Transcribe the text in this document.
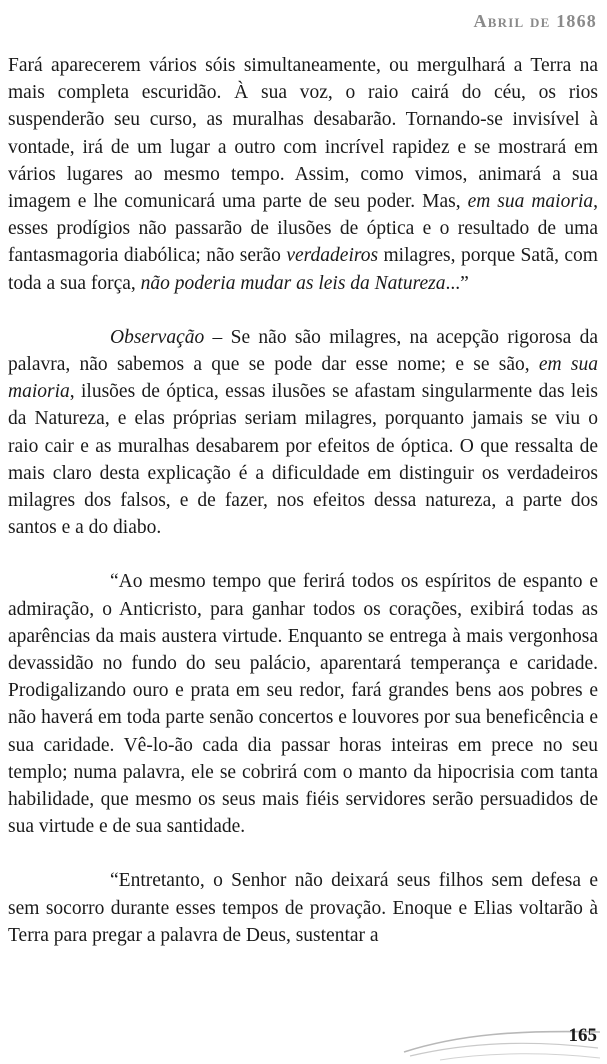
Abril de 1868

Fará aparecerem vários sóis simultaneamente, ou mergulhará a Terra na mais completa escuridão. À sua voz, o raio cairá do céu, os rios suspenderão seu curso, as muralhas desabarão. Tornando-se invisível à vontade, irá de um lugar a outro com incrível rapidez e se mostrará em vários lugares ao mesmo tempo. Assim, como vimos, animará a sua imagem e lhe comunicará uma parte de seu poder. Mas, em sua maioria, esses prodígios não passarão de ilusões de óptica e o resultado de uma fantasmagoria diabólica; não serão verdadeiros milagres, porque Satã, com toda a sua força, não poderia mudar as leis da Natureza...”

Observação – Se não são milagres, na acepção rigorosa da palavra, não sabemos a que se pode dar esse nome; e se são, em sua maioria, ilusões de óptica, essas ilusões se afastam singularmente das leis da Natureza, e elas próprias seriam milagres, porquanto jamais se viu o raio cair e as muralhas desabarem por efeitos de óptica. O que ressalta de mais claro desta explicação é a dificuldade em distinguir os verdadeiros milagres dos falsos, e de fazer, nos efeitos dessa natureza, a parte dos santos e a do diabo.

“Ao mesmo tempo que ferirá todos os espíritos de espanto e admiração, o Anticristo, para ganhar todos os corações, exibirá todas as aparências da mais austera virtude. Enquanto se entrega à mais vergonhosa devassidão no fundo do seu palácio, aparentará temperança e caridade. Prodigalizando ouro e prata em seu redor, fará grandes bens aos pobres e não haverá em toda parte senão concertos e louvores por sua beneficência e sua caridade. Vê-lo-ão cada dia passar horas inteiras em prece no seu templo; numa palavra, ele se cobrirá com o manto da hipocrisia com tanta habilidade, que mesmo os seus mais fiéis servidores serão persuadidos de sua virtude e de sua santidade.

“Entretanto, o Senhor não deixará seus filhos sem defesa e sem socorro durante esses tempos de provação. Enoque e Elias voltarão à Terra para pregar a palavra de Deus, sustentar a

165
